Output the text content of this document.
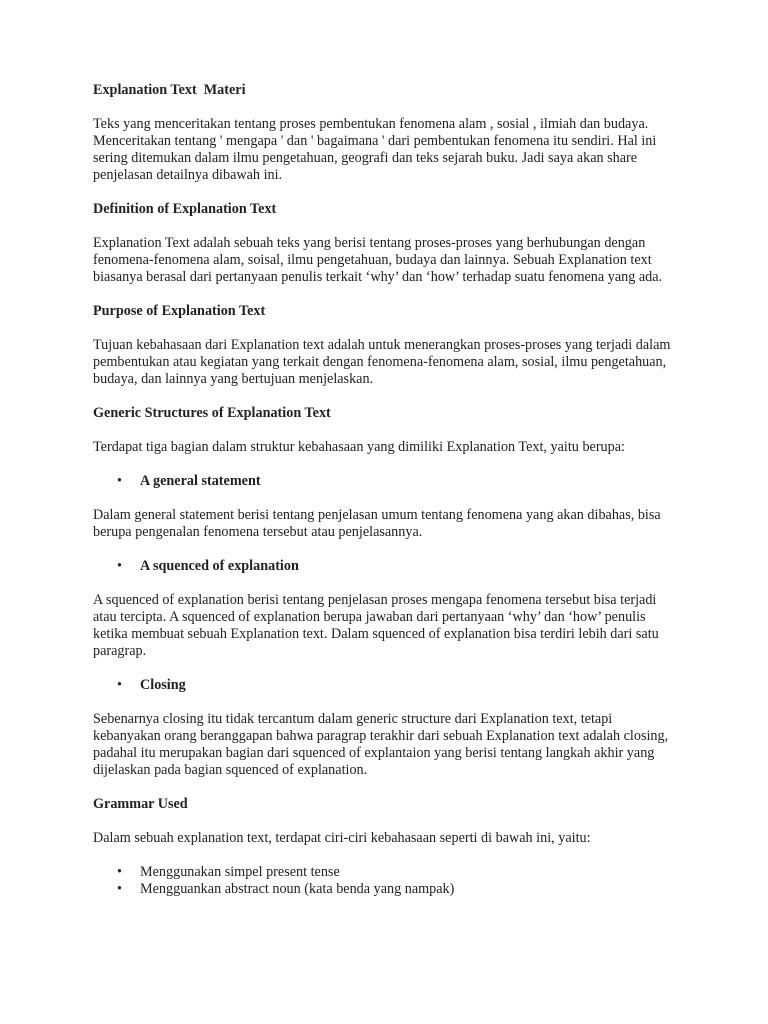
Explanation Text  Materi
Teks yang menceritakan tentang proses pembentukan fenomena alam , sosial , ilmiah dan budaya. Menceritakan tentang ' mengapa ' dan ' bagaimana ' dari pembentukan fenomena itu sendiri. Hal ini sering ditemukan dalam ilmu pengetahuan, geografi dan teks sejarah buku. Jadi saya akan share penjelasan detailnya dibawah ini.
Definition of Explanation Text
Explanation Text adalah sebuah teks yang berisi tentang proses-proses yang berhubungan dengan fenomena-fenomena alam, soisal, ilmu pengetahuan, budaya dan lainnya. Sebuah Explanation text biasanya berasal dari pertanyaan penulis terkait ‘why’ dan ‘how’ terhadap suatu fenomena yang ada.
Purpose of Explanation Text
Tujuan kebahasaan dari Explanation text adalah untuk menerangkan proses-proses yang terjadi dalam pembentukan atau kegiatan yang terkait dengan fenomena-fenomena alam, sosial, ilmu pengetahuan, budaya, dan lainnya yang bertujuan menjelaskan.
Generic Structures of Explanation Text
Terdapat tiga bagian dalam struktur kebahasaan yang dimiliki Explanation Text, yaitu berupa:
• A general statement
Dalam general statement berisi tentang penjelasan umum tentang fenomena yang akan dibahas, bisa berupa pengenalan fenomena tersebut atau penjelasannya.
• A squenced of explanation
A squenced of explanation berisi tentang penjelasan proses mengapa fenomena tersebut bisa terjadi atau tercipta. A squenced of explanation berupa jawaban dari pertanyaan ‘why’ dan ‘how’ penulis ketika membuat sebuah Explanation text. Dalam squenced of explanation bisa terdiri lebih dari satu paragrap.
• Closing
Sebenarnya closing itu tidak tercantum dalam generic structure dari Explanation text, tetapi kebanyakan orang beranggapan bahwa paragrap terakhir dari sebuah Explanation text adalah closing, padahal itu merupakan bagian dari squenced of explantaion yang berisi tentang langkah akhir yang dijelaskan pada bagian squenced of explanation.
Grammar Used
Dalam sebuah explanation text, terdapat ciri-ciri kebahasaan seperti di bawah ini, yaitu:
• Menggunakan simpel present tense
• Mengguankan abstract noun (kata benda yang nampak)
